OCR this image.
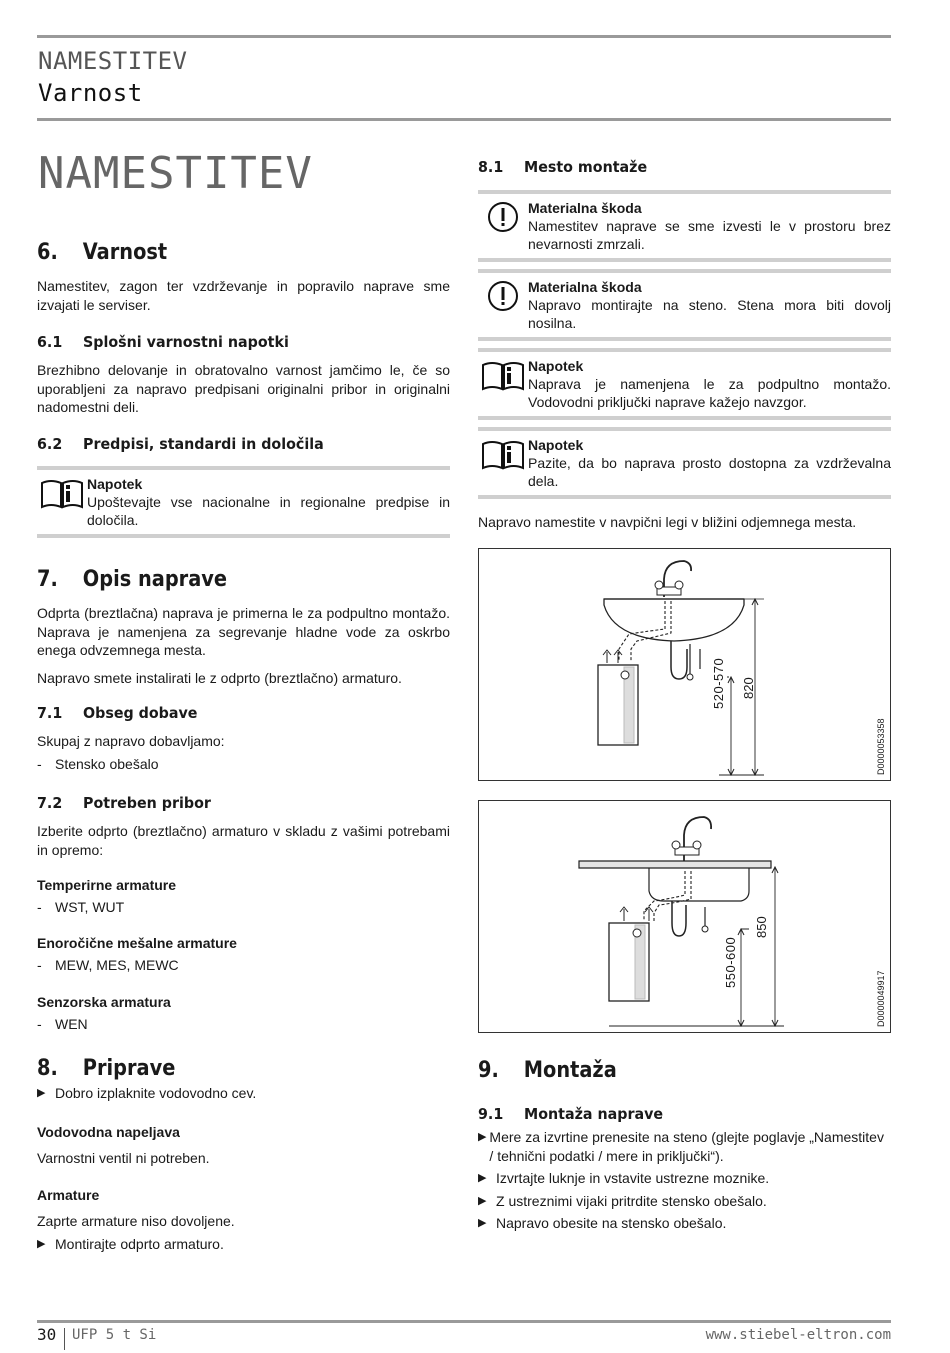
NAMESTITEV
Varnost
NAMESTITEV
6.	Varnost
Namestitev, zagon ter vzdrževanje in popravilo naprave sme izvajati le serviser.
6.1	Splošni varnostni napotki
Brezhibno delovanje in obratovalno varnost jamčimo le, če so uporabljeni za napravo predpisani originalni pribor in originalni nadomestni deli.
6.2	Predpisi, standardi in določila
Napotek
Upoštevajte vse nacionalne in regionalne predpise in določila.
7.	Opis naprave
Odprta (breztlačna) naprava je primerna le za podpultno montažo. Naprava je namenjena za segrevanje hladne vode za oskrbo enega odvzemnega mesta.
Napravo smete instalirati le z odprto (breztlačno) armaturo.
7.1	Obseg dobave
Skupaj z napravo dobavljamo:
- Stensko obešalo
7.2	Potreben pribor
Izberite odprto (breztlačno) armaturo v skladu z vašimi potrebami in opremo:
Temperirne armature
- WST, WUT
Enoročične mešalne armature
- MEW, MES, MEWC
Senzorska armatura
- WEN
8.	Priprave
▶ Dobro izplaknite vodovodno cev.
Vodovodna napeljava
Varnostni ventil ni potreben.
Armature
Zaprte armature niso dovoljene.
▶ Montirajte odprto armaturo.
8.1	Mesto montaže
Materialna škoda
Namestitev naprave se sme izvesti le v prostoru brez nevarnosti zmrzali.
Materialna škoda
Napravo montirajte na steno. Stena mora biti dovolj nosilna.
Napotek
Naprava je namenjena le za podpultno montažo. Vodovodni priključki naprave kažejo navzgor.
Napotek
Pazite, da bo naprava prosto dostopna za vzdrževalna dela.
Napravo namestite v navpični legi v bližini odjemnega mesta.
520-570 820
D0000053358
550-600
850
D0000049917
9.	Montaža
9.1	Montaža naprave
▶ Mere za izvrtine prenesite na steno (glejte poglavje „Namestitev / tehnični podatki / mere in priključki“).
▶ Izvrtajte luknje in vstavite ustrezne moznike.
▶ Z ustreznimi vijaki pritrdite stensko obešalo.
▶ Napravo obesite na stensko obešalo.
30 UFP 5 t Si	www.stiebel-eltron.com
